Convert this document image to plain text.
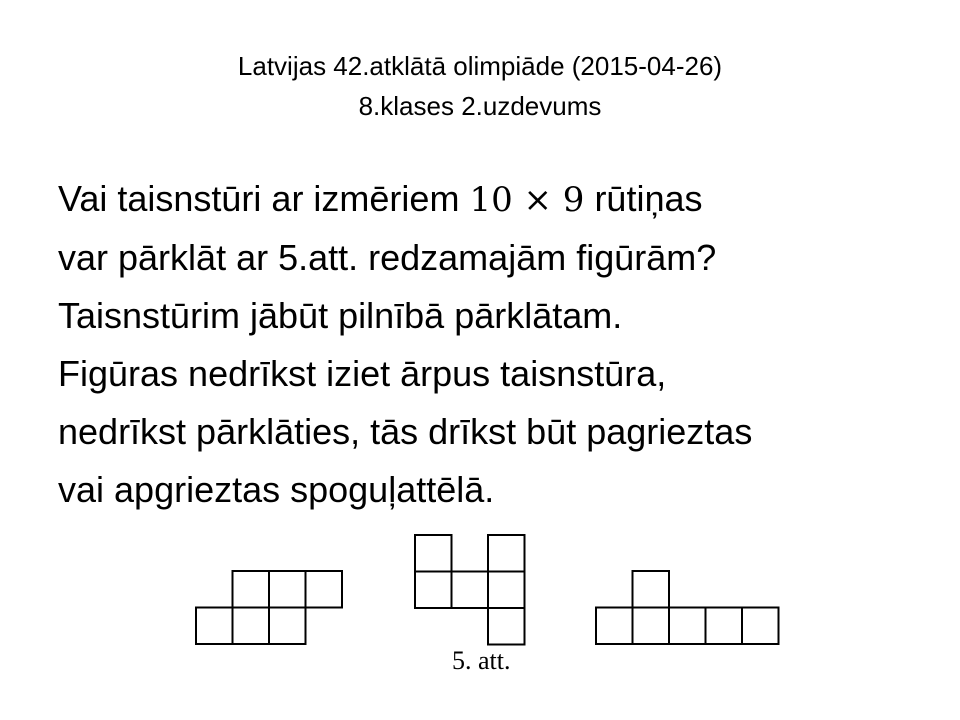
Latvijas 42.atklātā olimpiāde (2015-04-26)
8.klases 2.uzdevums
Vai taisnstūri ar izmēriem 10 × 9 rūtiņas
var pārklāt ar 5.att. redzamajām figūrām?
Taisnstūrim jābūt pilnībā pārklātam.
Figūras nedrīkst iziet ārpus taisnstūra,
nedrīkst pārklāties, tās drīkst būt pagrieztas
vai apgrieztas spoguļattēlā.
5. att.
